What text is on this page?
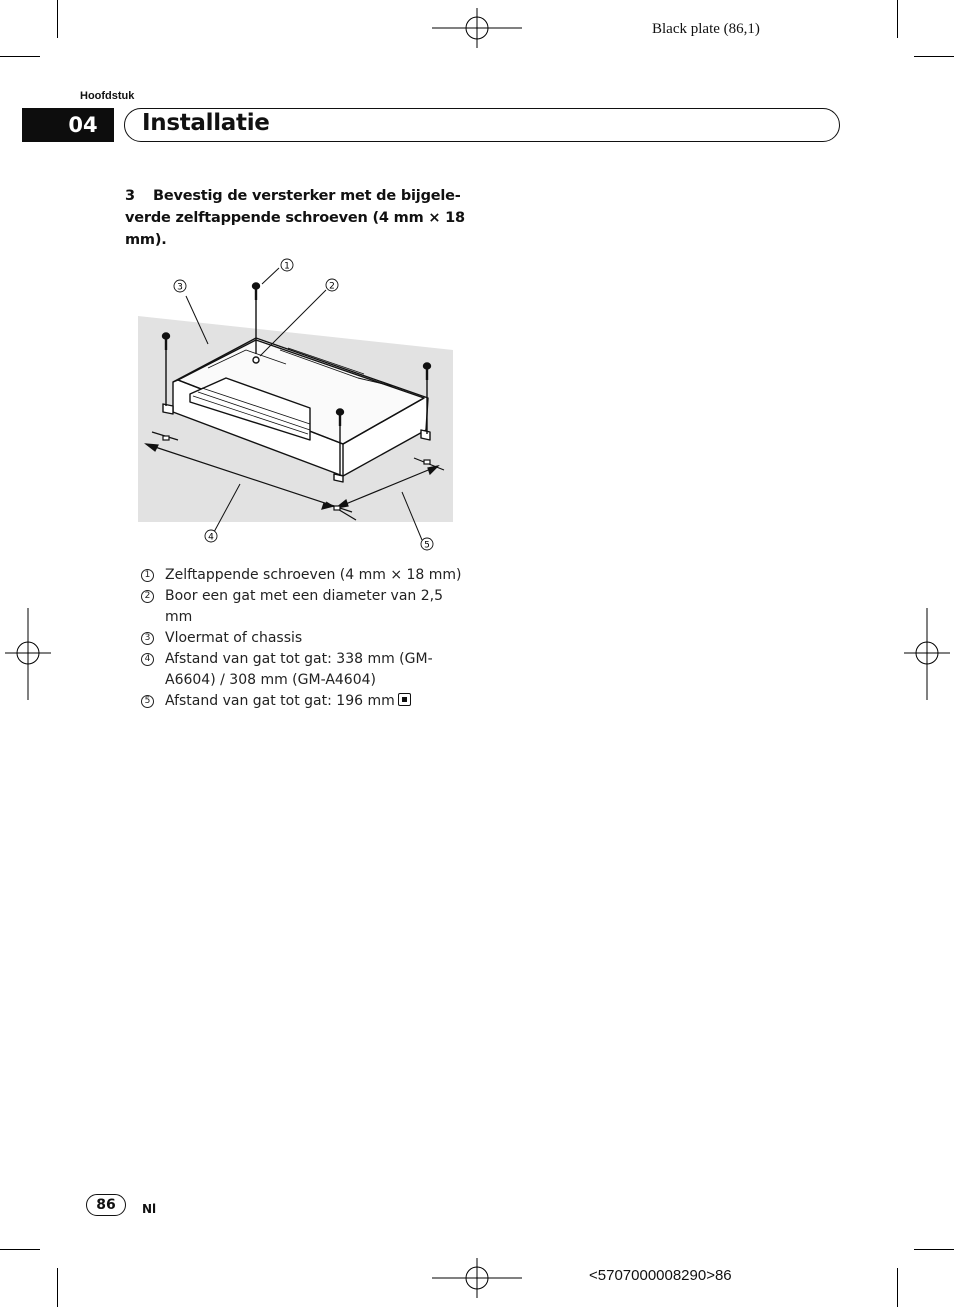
Black plate (86,1)
Hoofdstuk
04	Installatie
3 Bevestig de versterker met de bijgele-verde zelftappende schroeven (4 mm × 18 mm).
1
2
3
4
5
1 Zelftappende schroeven (4 mm × 18 mm)
2 Boor een gat met een diameter van 2,5 mm
3 Vloermat of chassis
4 Afstand van gat tot gat: 338 mm (GM-A6604) / 308 mm (GM-A4604)
5 Afstand van gat tot gat: 196 mm
86	Nl
<5707000008290>86
